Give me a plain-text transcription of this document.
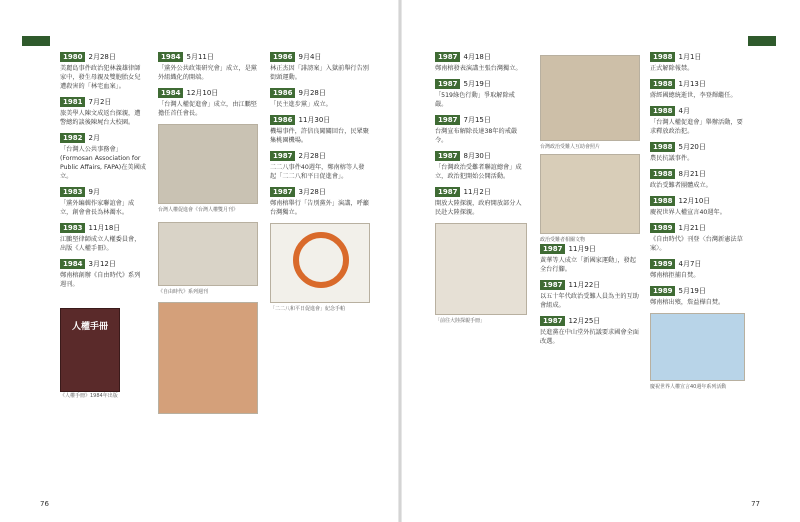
1980 2月28日
美麗島事件政治犯林義雄律師家中，發生母親及雙胞胎女兒遭殺害的「林宅血案」。
1981 7月2日
旅美學人陳文成返台探親，遭警總約談後陳屍台大校園。
1982 2月
「台灣人公共事務會」(Formosan Association for Public Affairs, FAPA)在美國成立。
1983 9月
「黨外編輯作家聯誼會」成立，創會會長為林濁水。
1983 11月18日
江鵬堅律師成立人權委員會，出版《人權手冊》。
1984 3月12日
鄭南榕創辦《自由時代》系列週刊。
1984 5月11日
「黨外公共政策研究會」成立，是黨外組織化的開端。
1984 12月10日
「台灣人權促進會」成立，由江鵬堅擔任首任會長。
台灣人權促進會《台灣人權雙月刊》
《自由時代》系列週刊
1986 9月4日
林正杰因「誹謗案」入獄前舉行告別街頭運動。
1986 9月28日
「民主進步黨」成立。
1986 11月30日
機場事件，許信良闖關回台，民眾聚集桃園機場。
1987 2月28日
二二八事件40週年，鄭南榕等人發起「二二八和平日促進會」。
1987 3月28日
鄭南榕舉行「告別黨外」演講，呼籲台灣獨立。
「二二八和平日促進會」紀念手帕
人權手冊
《人權手冊》1984年出版
76
1987 4月18日
鄭南榕發表演講主張台灣獨立。
1987 5月19日
「519綠色行動」爭取解除戒嚴。
1987 7月15日
台灣宣布解除長達38年的戒嚴令。
1987 8月30日
「台灣政治受難者聯誼總會」成立，政治犯開始公開活動。
1987 11月2日
開放大陸探親，政府開放部分人民赴大陸探親。
「前往大陸探親手冊」
台灣政治受難人互助會照片
政治受難者相關文物
1987 11月9日
黃華等人成立「新國家運動」，發起全台行腳。
1987 11月22日
以五十年代政治受難人員為主的互助會組成。
1987 12月25日
民進黨在中山堂外抗議要求國會全面改選。
1988 1月1日
正式解除報禁。
1988 1月13日
蔣經國總統逝世，李登輝繼任。
1988 4月
「台灣人權促進會」舉辦活動，要求釋放政治犯。
1988 5月20日
農民抗議事件。
1988 8月21日
政治受難者團體成立。
1988 12月10日
慶祝世界人權宣言40週年。
1989 1月21日
《自由時代》刊登〈台灣新憲法草案〉。
1989 4月7日
鄭南榕拒捕自焚。
1989 5月19日
鄭南榕出殯，詹益樺自焚。
慶祝世界人權宣言40週年系列活動
77
